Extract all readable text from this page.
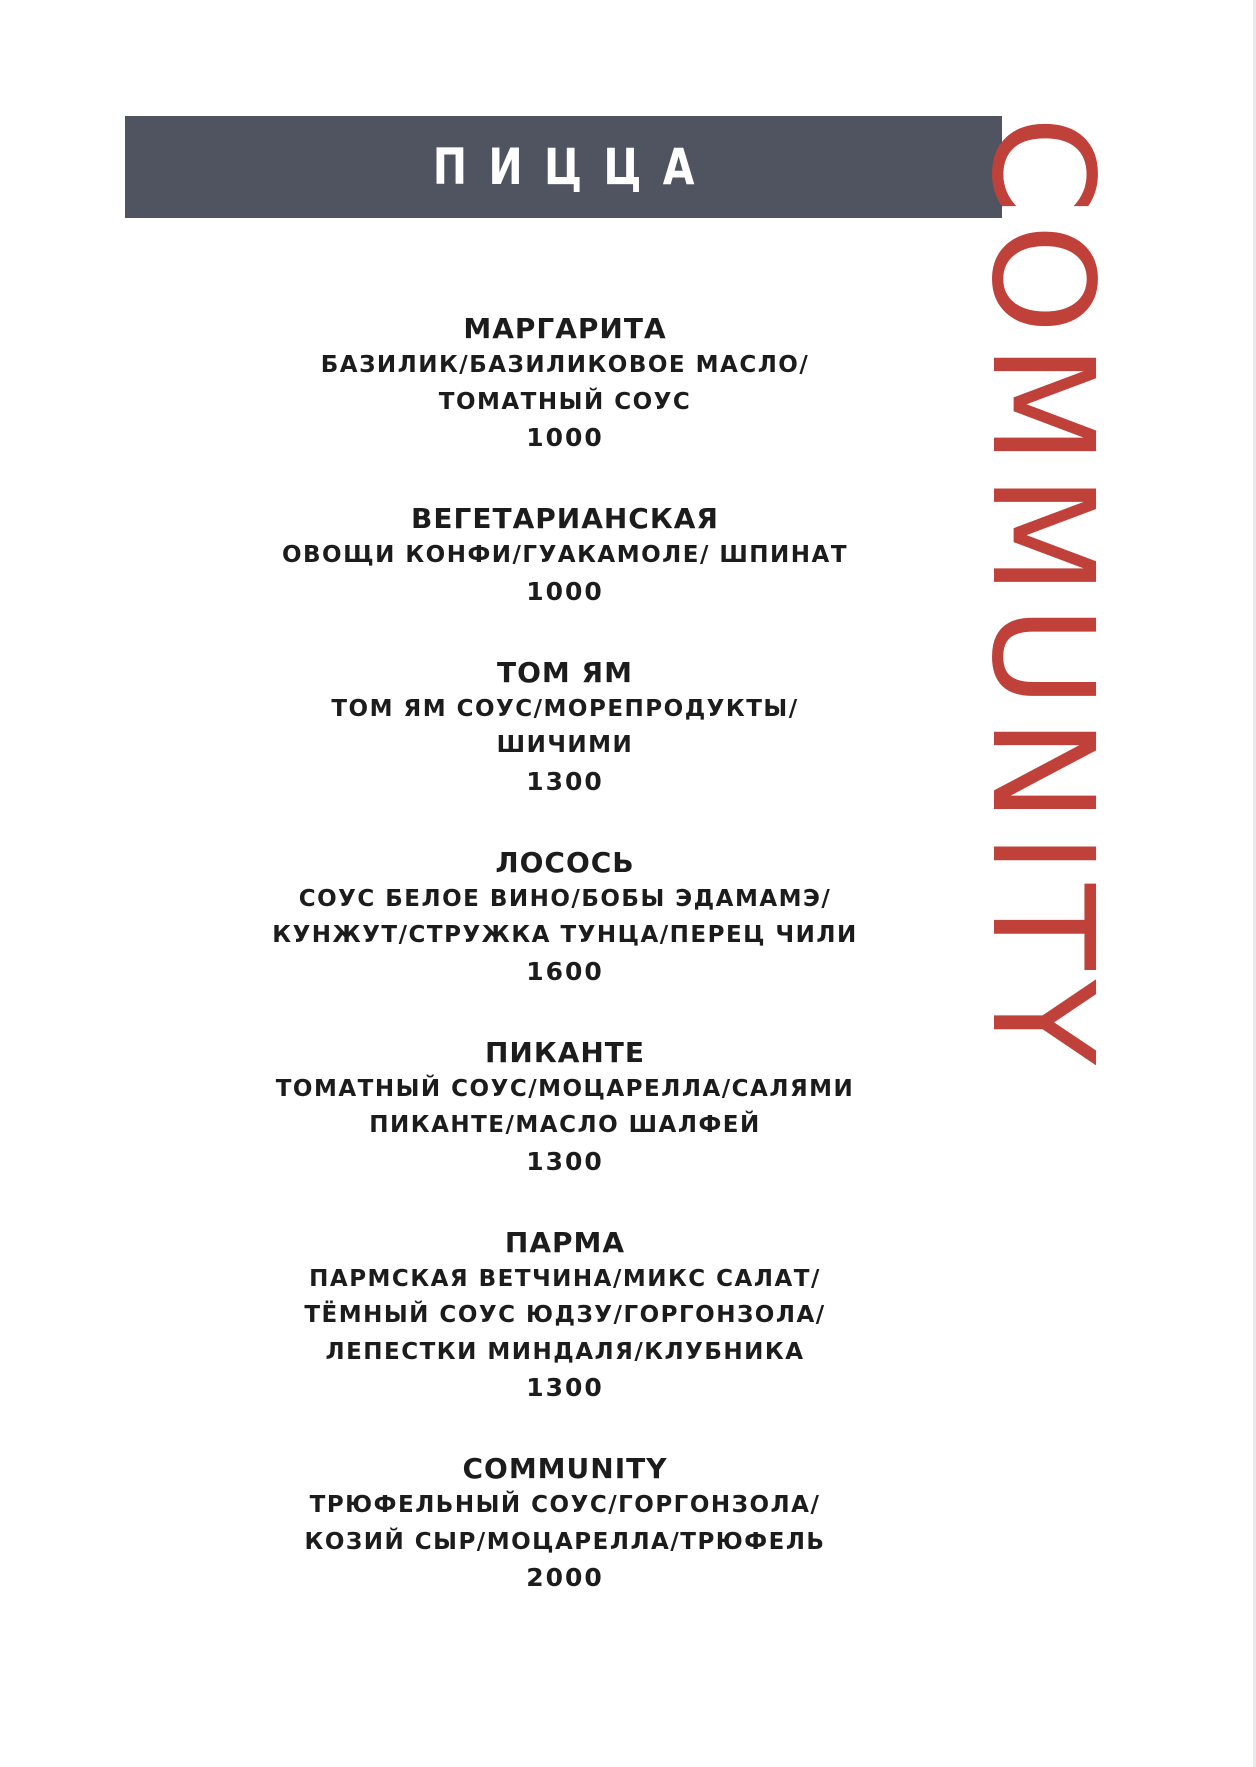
ПИЦЦА
МАРГАРИТА
БАЗИЛИК/БАЗИЛИКОВОЕ МАСЛО/
ТОМАТНЫЙ СОУС
1000
ВЕГЕТАРИАНСКАЯ
ОВОЩИ КОНФИ/ГУАКАМОЛЕ/ ШПИНАТ
1000
ТОМ ЯМ
ТОМ ЯМ СОУС/МОРЕПРОДУКТЫ/
ШИЧИМИ
1300
ЛОСОСЬ
СОУС БЕЛОЕ ВИНО/БОБЫ ЭДАМАМЭ/
КУНЖУТ/СТРУЖКА ТУНЦА/ПЕРЕЦ ЧИЛИ
1600
ПИКАНТЕ
ТОМАТНЫЙ СОУС/МОЦАРЕЛЛА/САЛЯМИ
ПИКАНТЕ/МАСЛО ШАЛФЕЙ
1300
ПАРМА
ПАРМСКАЯ ВЕТЧИНА/МИКС САЛАТ/
ТЁМНЫЙ СОУС ЮДЗУ/ГОРГОНЗОЛА/
ЛЕПЕСТКИ МИНДАЛЯ/КЛУБНИКА
1300
COMMUNITY
ТРЮФЕЛЬНЫЙ СОУС/ГОРГОНЗОЛА/
КОЗИЙ СЫР/МОЦАРЕЛЛА/ТРЮФЕЛЬ
2000
COMMUNITY
